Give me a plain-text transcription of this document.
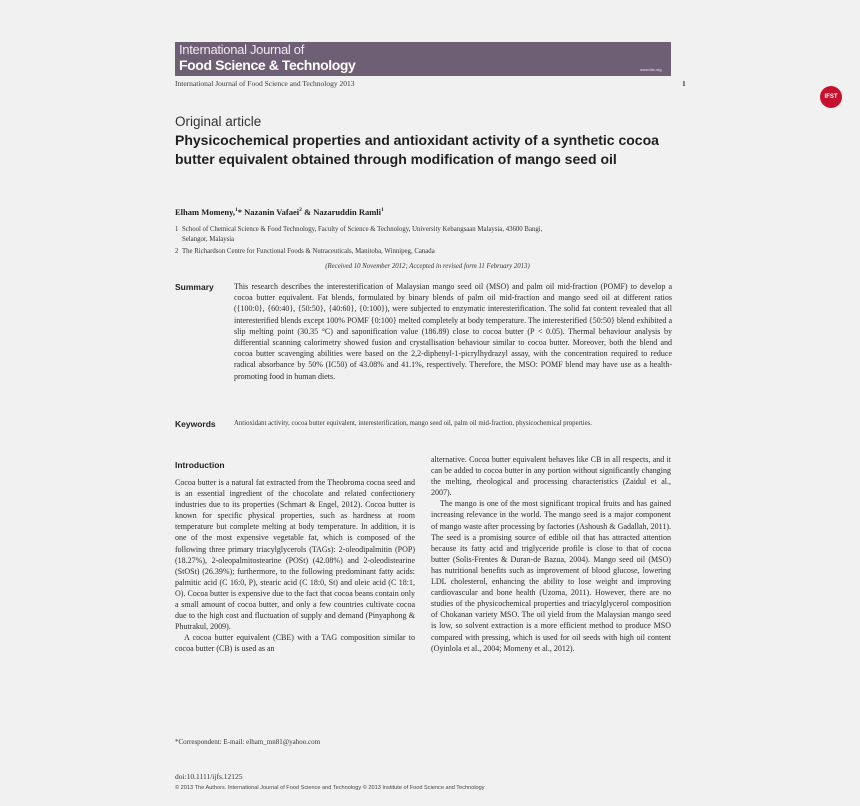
International Journal of
Food Science & Technology
IFST
www.ifst.org
International Journal of Food Science and Technology 2013	1
Original article
Physicochemical properties and antioxidant activity of a synthetic cocoa butter equivalent obtained through modification of mango seed oil
Elham Momeny,$^1$* Nazanin Vafaei$^2$ & Nazaruddin Ramli$^1$
1 School of Chemical Science & Food Technology, Faculty of Science & Technology, University Kebangsaan Malaysia, 43600 Bangi,
Selangor, Malaysia
2 The Richardson Centre for Functional Foods & Nutraceuticals, Manitoba, Winnipeg, Canada
(Received 10 November 2012; Accepted in revised form 11 February 2013)
Summary	This research describes the interesterification of Malaysian mango seed oil (MSO) and palm oil mid-fraction (POMF) to develop a cocoa butter equivalent. Fat blends, formulated by binary blends of palm oil mid-fraction and mango seed oil at different ratios ({100:0}, {60:40}, {50:50}, {40:60}, {0:100}), were subjected to enzymatic interesterification. The solid fat content revealed that all interesterified blends except 100% POMF {0:100} melted completely at body temperature. The interesterified {50:50} blend exhibited a slip melting point (30.35 °C) and saponification value (186.89) close to cocoa butter (P < 0.05). Thermal behaviour analysis by differential scanning calorimetry showed fusion and crystallisation behaviour similar to cocoa butter. Moreover, both the blend and cocoa butter scavenging abilities were based on the 2,2-diphenyl-1-picrylhydrazyl assay, with the concentration required to reduce radical absorbance by 50% (IC50) of 43.08% and 41.1%, respectively. Therefore, the MSO: POMF blend may have use as a health-promoting food in human diets.

Keywords	Antioxidant activity, cocoa butter equivalent, interesterification, mango seed oil, palm oil mid-fraction, physicochemical properties.

Introduction

Cocoa butter is a natural fat extracted from the Theobroma cocoa seed and is an essential ingredient of the chocolate and related confectionery industries due to its properties (Schmart & Engel, 2012). Cocoa butter is known for specific physical properties, such as hardness at room temperature but complete melting at body temperature. In addition, it is one of the most expensive vegetable fat, which is composed of the following three primary triacylglycerols (TAGs): 2-oleodipalmitin (POP) (18.27%), 2-oleopalmitostearine (POSt) (42.08%) and 2-oleodistearine (StOSt) (26.39%); furthermore, to the following predominant fatty acids: palmitic acid (C 16:0, P), stearic acid (C 18:0, St) and oleic acid (C 18:1, O). Cocoa butter is expensive due to the fact that cocoa beans contain only a small amount of cocoa butter, and only a few countries cultivate cocoa due to the high cost and fluctuation of supply and demand (Pinyaphong & Phutrakul, 2009).

A cocoa butter equivalent (CBE) with a TAG composition similar to cocoa butter (CB) is used as an

alternative. Cocoa butter equivalent behaves like CB in all respects, and it can be added to cocoa butter in any portion without significantly changing the melting, rheological and processing characteristics (Zaidul et al., 2007).

The mango is one of the most significant tropical fruits and has gained increasing relevance in the world. The mango seed is a major component of mango waste after processing by factories (Ashoush & Gadallah, 2011). The seed is a promising source of edible oil that has attracted attention because its fatty acid and triglyceride profile is close to that of cocoa butter (Solis-Frentes & Duran-de Bazua, 2004). Mango seed oil (MSO) has nutritional benefits such as improvement of blood glucose, lowering LDL cholesterol, enhancing the ability to lose weight and improving cardiovascular and bone health (Uzoma, 2011). However, there are no studies of the physicochemical properties and triacylglycerol composition of Chokanan variety MSO. The oil yield from the Malaysian mango seed is low, so solvent extraction is a more efficient method to produce MSO compared with pressing, which is used for oil seeds with high oil content (Oyinlola et al., 2004; Momeny et al., 2012).

*Correspondent: E-mail: elham_mn81@yahoo.com
doi:10.1111/ijfs.12125
© 2013 The Authors. International Journal of Food Science and Technology © 2013 Institute of Food Science and Technology
